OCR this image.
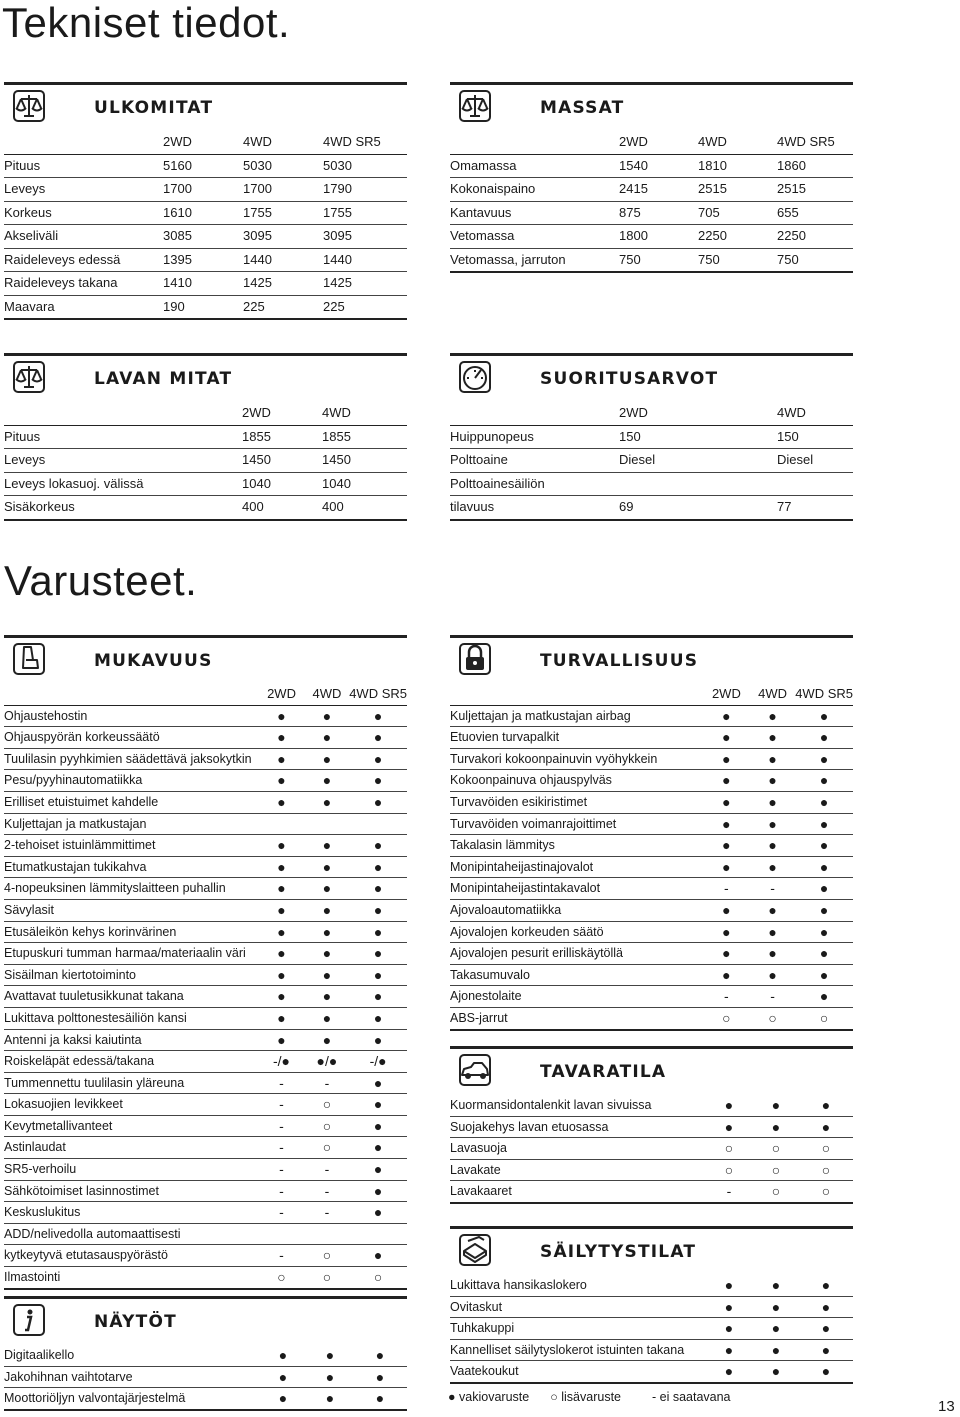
Tekniset tiedot.
ULKOMITAT
	2WD	4WD	4WD SR5
Pituus	5160	5030	5030
Leveys	1700	1700	1790
Korkeus	1610	1755	1755
Akseliväli	3085	3095	3095
Raideleveys edessä	1395	1440	1440
Raideleveys takana	1410	1425	1425
Maavara	190	225	225
MASSAT
	2WD	4WD	4WD SR5
Omamassa	1540	1810	1860
Kokonaispaino	2415	2515	2515
Kantavuus	875	705	655
Vetomassa	1800	2250	2250
Vetomassa, jarruton	750	750	750
LAVAN MITAT
	2WD	4WD
Pituus	1855	1855
Leveys	1450	1450
Leveys lokasuoj. välissä	1040	1040
Sisäkorkeus	400	400
SUORITUSARVOT
	2WD	4WD
Huippunopeus	150	150
Polttoaine	Diesel	Diesel
Polttoainesäiliön		
tilavuus	69	77
Varusteet.
MUKAVUUS
	2WD	4WD	4WD SR5
Ohjaustehostin	●	●	●
Ohjauspyörän korkeussäätö	●	●	●
Tuulilasin pyyhkimien säädettävä jaksokytkin	●	●	●
Pesu/pyyhinautomatiikka	●	●	●
Erilliset etuistuimet kahdelle	●	●	●
Kuljettajan ja matkustajan			
2-tehoiset istuinlämmittimet	●	●	●
Etumatkustajan tukikahva	●	●	●
4-nopeuksinen lämmityslaitteen puhallin	●	●	●
Sävylasit	●	●	●
Etusäleikön kehys korinvärinen	●	●	●
Etupuskuri tumman harmaa/materiaalin väri	●	●	●
Sisäilman kiertotoiminto	●	●	●
Avattavat tuuletusikkunat takana	●	●	●
Lukittava polttonestesäiliön kansi	●	●	●
Antenni ja kaksi kaiutinta	●	●	●
Roiskeläpät edessä/takana	-/●	●/●	-/●
Tummennettu tuulilasin yläreuna	-	-	●
Lokasuojien levikkeet	-	○	●
Kevytmetallivanteet	-	○	●
Astinlaudat	-	○	●
SR5-verhoilu	-	-	●
Sähkötoimiset lasinnostimet	-	-	●
Keskuslukitus	-	-	●
ADD/nelivedolla automaattisesti			
kytkeytyvä etutasauspyörästö	-	○	●
Ilmastointi	○	○	○
NÄYTÖT
Digitaalikello	●	●	●
Jakohihnan vaihtotarve	●	●	●
Moottoriöljyn valvontajärjestelmä	●	●	●
TURVALLISUUS
	2WD	4WD	4WD SR5
Kuljettajan ja matkustajan airbag	●	●	●
Etuovien turvapalkit	●	●	●
Turvakori kokoonpainuvin vyöhykkein	●	●	●
Kokoonpainuva ohjauspylväs	●	●	●
Turvavöiden esikiristimet	●	●	●
Turvavöiden voimanrajoittimet	●	●	●
Takalasin lämmitys	●	●	●
Monipintaheijastinajovalot	●	●	●
Monipintaheijastintakavalot	-	-	●
Ajovaloautomatiikka	●	●	●
Ajovalojen korkeuden säätö	●	●	●
Ajovalojen pesurit erilliskäytöllä	●	●	●
Takasumuvalo	●	●	●
Ajonestolaite	-	-	●
ABS-jarrut	○	○	○
TAVARATILA
Kuormansidontalenkit lavan sivuissa	●	●	●
Suojakehys lavan etuosassa	●	●	●
Lavasuoja	○	○	○
Lavakate	○	○	○
Lavakaaret	-	○	○
SÄILYTYSTILAT
Lukittava hansikaslokero	●	●	●
Ovitaskut	●	●	●
Tuhkakuppi	●	●	●
Kannelliset säilytyslokerot istuinten takana	●	●	●
Vaatekoukut	●	●	●
● vakiovaruste ○ lisävaruste - ei saatavana
13
